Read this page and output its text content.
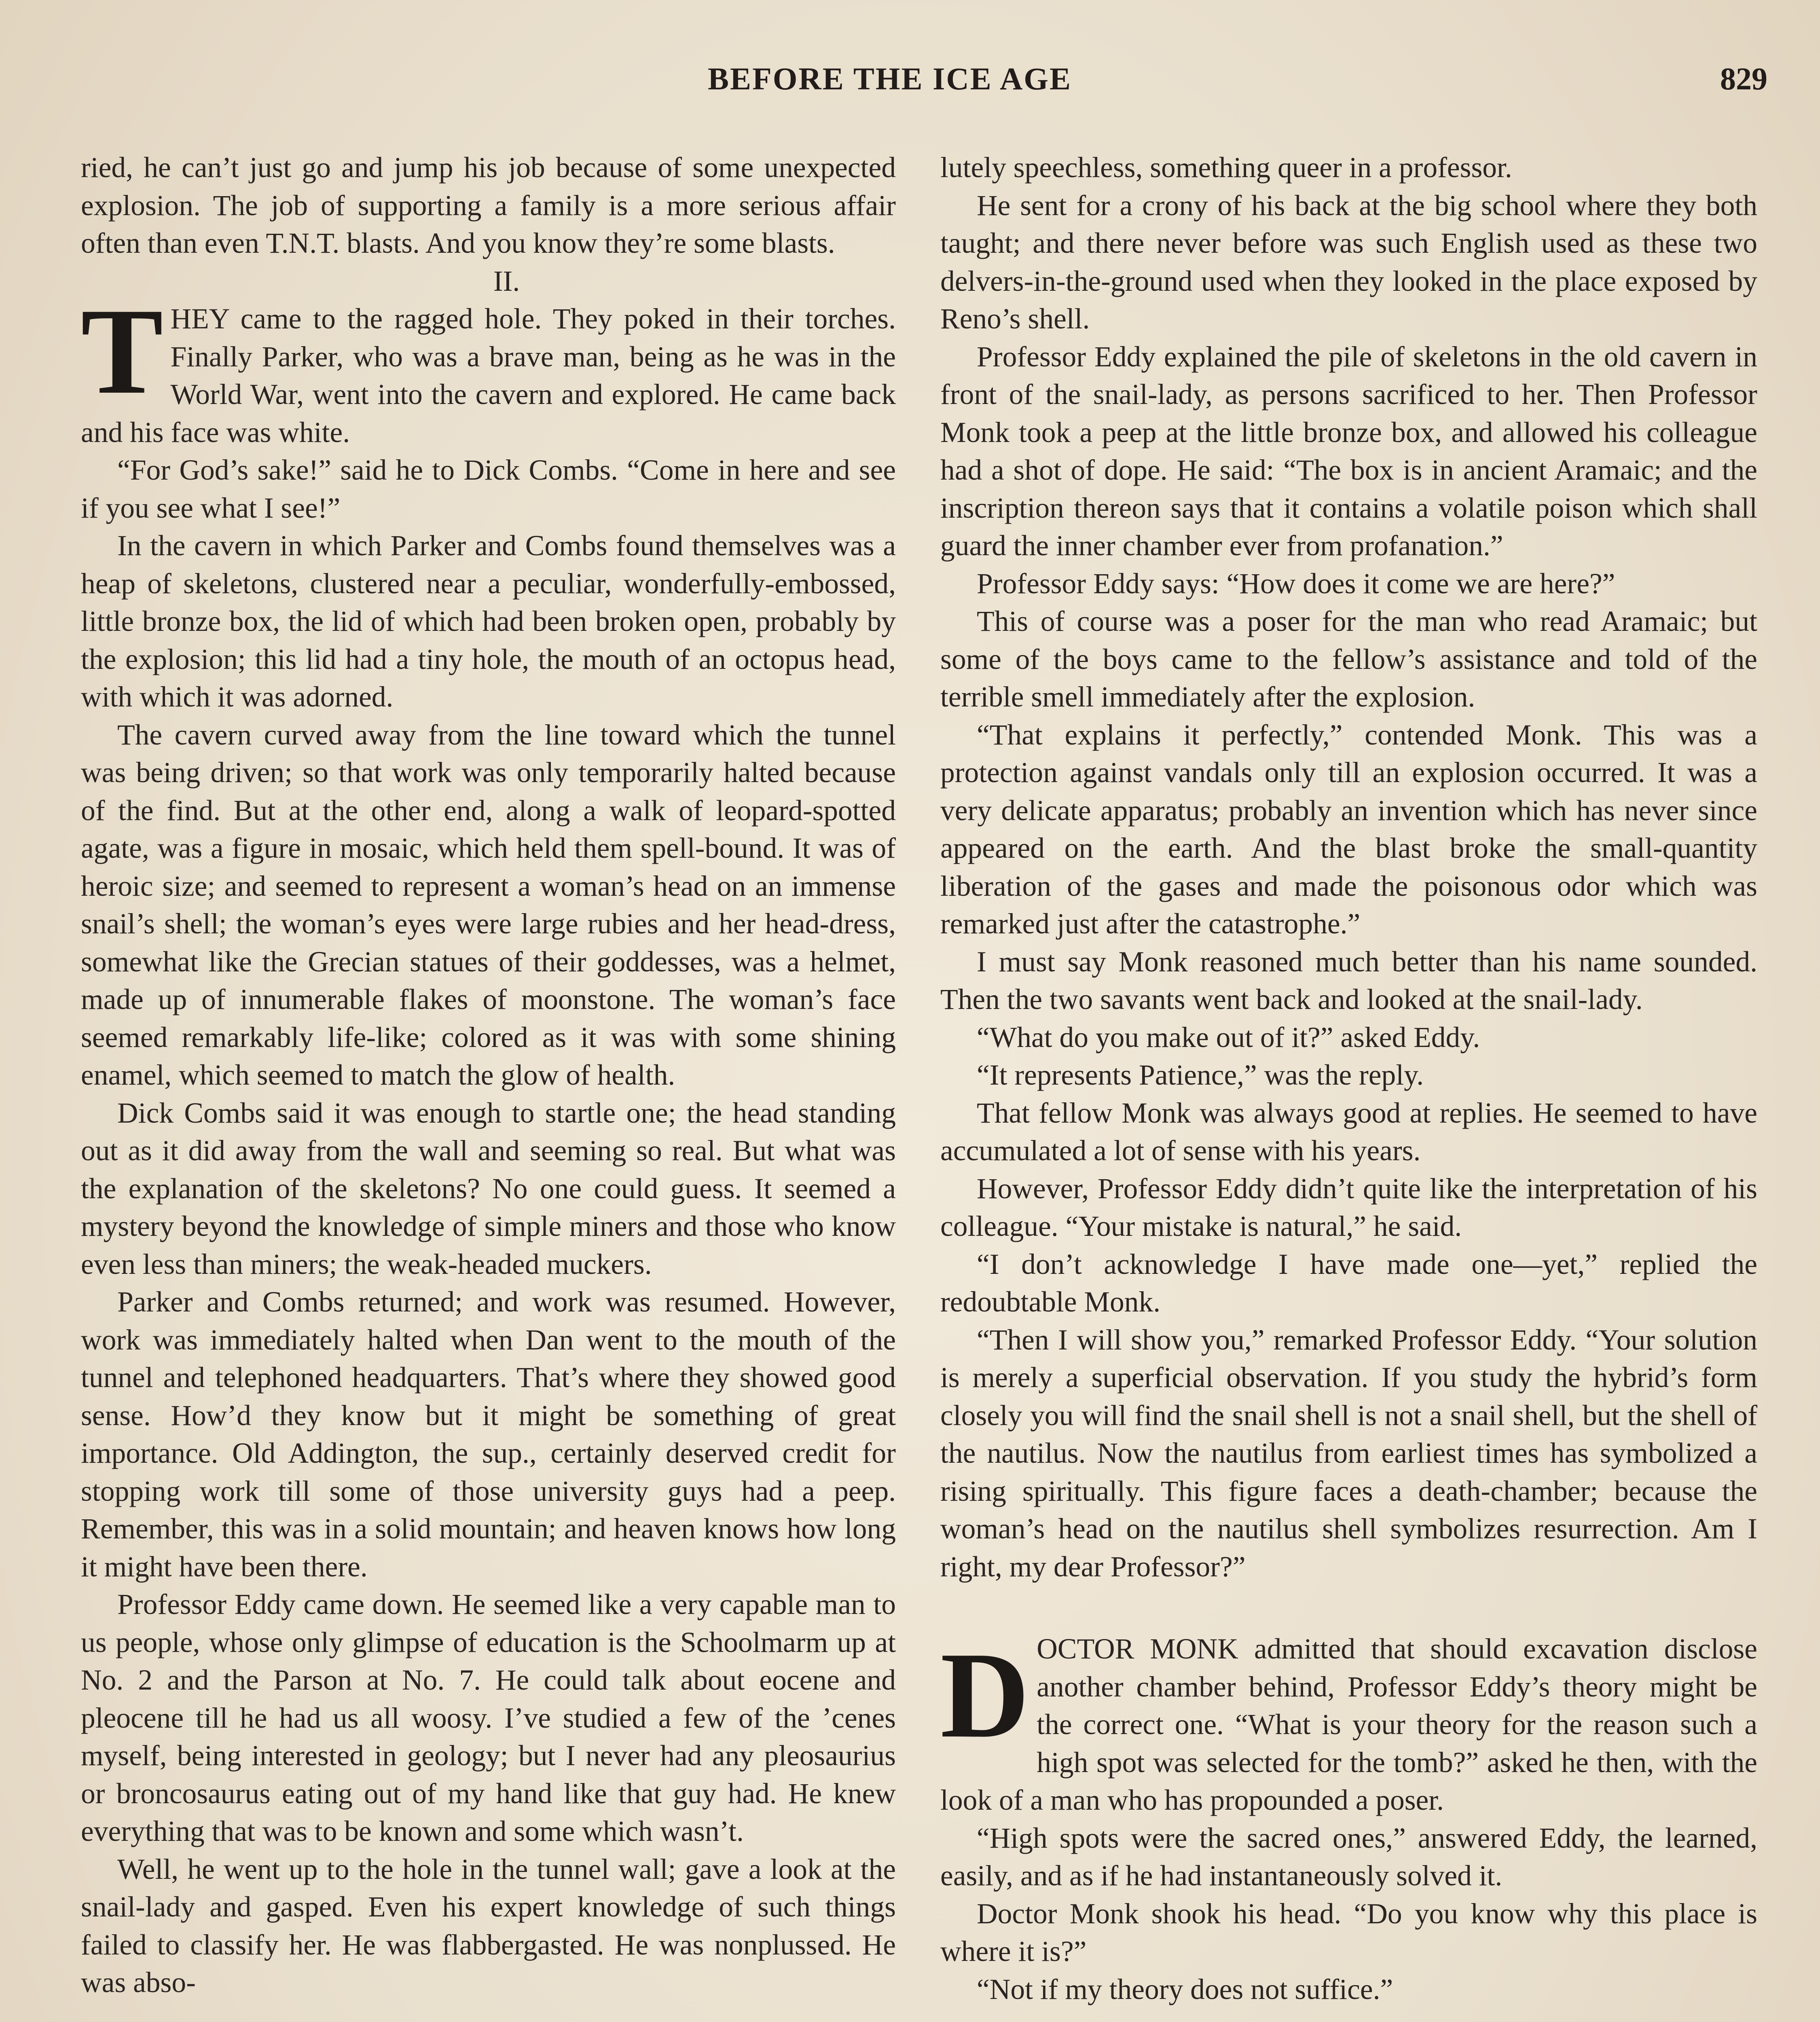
BEFORE THE ICE AGE	829

ried, he can’t just go and jump his job because of some unexpected explosion. The job of supporting a family is a more serious affair often than even T.N.T. blasts. And you know they’re some blasts.

II.

THEY came to the ragged hole. They poked in their torches. Finally Parker, who was a brave man, being as he was in the World War, went into the cavern and explored. He came back and his face was white.

“For God’s sake!” said he to Dick Combs. “Come in here and see if you see what I see!”

In the cavern in which Parker and Combs found themselves was a heap of skeletons, clustered near a peculiar, wonderfully-embossed, little bronze box, the lid of which had been broken open, probably by the explosion; this lid had a tiny hole, the mouth of an octopus head, with which it was adorned.

The cavern curved away from the line toward which the tunnel was being driven; so that work was only temporarily halted because of the find. But at the other end, along a walk of leopard-spotted agate, was a figure in mosaic, which held them spell-bound. It was of heroic size; and seemed to represent a woman’s head on an immense snail’s shell; the woman’s eyes were large rubies and her head-dress, somewhat like the Grecian statues of their goddesses, was a helmet, made up of innumerable flakes of moonstone. The woman’s face seemed remarkably life-like; colored as it was with some shining enamel, which seemed to match the glow of health.

Dick Combs said it was enough to startle one; the head standing out as it did away from the wall and seeming so real. But what was the explanation of the skeletons? No one could guess. It seemed a mystery beyond the knowledge of simple miners and those who know even less than miners; the weak-headed muckers.

Parker and Combs returned; and work was resumed. However, work was immediately halted when Dan went to the mouth of the tunnel and telephoned headquarters. That’s where they showed good sense. How’d they know but it might be something of great importance. Old Addington, the sup., certainly deserved credit for stopping work till some of those university guys had a peep. Remember, this was in a solid mountain; and heaven knows how long it might have been there.

Professor Eddy came down. He seemed like a very capable man to us people, whose only glimpse of education is the Schoolmarm up at No. 2 and the Parson at No. 7. He could talk about eocene and pleocene till he had us all woosy. I’ve studied a few of the ’cenes myself, being interested in geology; but I never had any pleosaurius or broncosaurus eating out of my hand like that guy had. He knew everything that was to be known and some which wasn’t.

Well, he went up to the hole in the tunnel wall; gave a look at the snail-lady and gasped. Even his expert knowledge of such things failed to classify her. He was flabbergasted. He was nonplussed. He was abso-

lutely speechless, something queer in a professor.

He sent for a crony of his back at the big school where they both taught; and there never before was such English used as these two delvers-in-the-ground used when they looked in the place exposed by Reno’s shell.

Professor Eddy explained the pile of skeletons in the old cavern in front of the snail-lady, as persons sacrificed to her. Then Professor Monk took a peep at the little bronze box, and allowed his colleague had a shot of dope. He said: “The box is in ancient Aramaic; and the inscription thereon says that it contains a volatile poison which shall guard the inner chamber ever from profanation.”

Professor Eddy says: “How does it come we are here?”

This of course was a poser for the man who read Aramaic; but some of the boys came to the fellow’s assistance and told of the terrible smell immediately after the explosion.

“That explains it perfectly,” contended Monk. This was a protection against vandals only till an explosion occurred. It was a very delicate apparatus; probably an invention which has never since appeared on the earth. And the blast broke the small-quantity liberation of the gases and made the poisonous odor which was remarked just after the catastrophe.”

I must say Monk reasoned much better than his name sounded. Then the two savants went back and looked at the snail-lady.

“What do you make out of it?” asked Eddy.

“It represents Patience,” was the reply.

That fellow Monk was always good at replies. He seemed to have accumulated a lot of sense with his years.

However, Professor Eddy didn’t quite like the interpretation of his colleague. “Your mistake is natural,” he said.

“I don’t acknowledge I have made one—yet,” replied the redoubtable Monk.

“Then I will show you,” remarked Professor Eddy. “Your solution is merely a superficial observation. If you study the hybrid’s form closely you will find the snail shell is not a snail shell, but the shell of the nautilus. Now the nautilus from earliest times has symbolized a rising spiritually. This figure faces a death-chamber; because the woman’s head on the nautilus shell symbolizes resurrection. Am I right, my dear Professor?”

DOCTOR MONK admitted that should excavation disclose another chamber behind, Professor Eddy’s theory might be the correct one. “What is your theory for the reason such a high spot was selected for the tomb?” asked he then, with the look of a man who has propounded a poser.

“High spots were the sacred ones,” answered Eddy, the learned, easily, and as if he had instantaneously solved it.

Doctor Monk shook his head. “Do you know why this place is where it is?”

“Not if my theory does not suffice.”
